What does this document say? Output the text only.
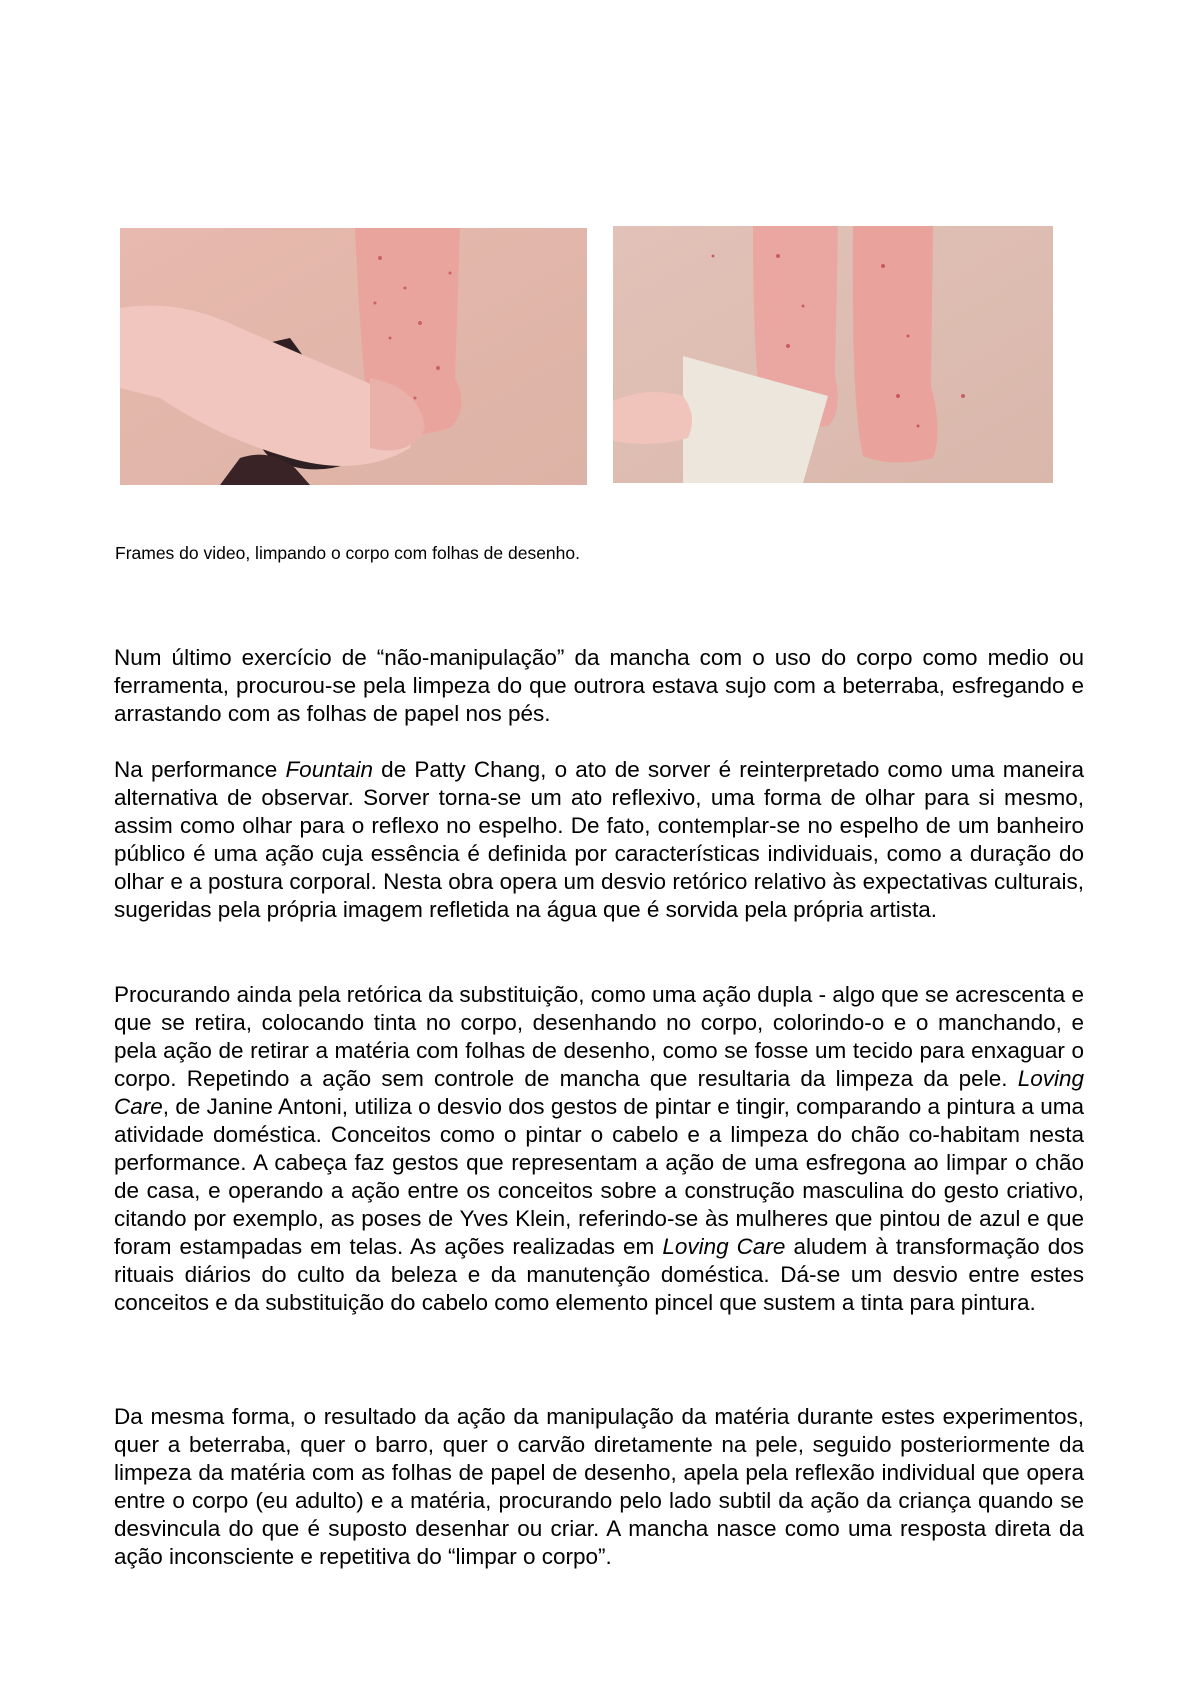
Frames do video, limpando o corpo com folhas de desenho.

Num último exercício de “não-manipulação” da mancha com o uso do corpo como medio ou ferramenta, procurou-se pela limpeza do que outrora estava sujo com a beterraba, esfregando e arrastando com as folhas de papel nos pés.

Na performance Fountain de Patty Chang, o ato de sorver é reinterpretado como uma maneira alternativa de observar. Sorver torna-se um ato reflexivo, uma forma de olhar para si mesmo, assim como olhar para o reflexo no espelho. De fato, contemplar-se no espelho de um banheiro público é uma ação cuja essência é definida por características individuais, como a duração do olhar e a postura corporal. Nesta obra opera um desvio retórico relativo às expectativas culturais, sugeridas pela própria imagem refletida na água que é sorvida pela própria artista.

Procurando ainda pela retórica da substituição, como uma ação dupla - algo que se acrescenta e que se retira, colocando tinta no corpo, desenhando no corpo, colorindo-o e o manchando, e pela ação de retirar a matéria com folhas de desenho, como se fosse um tecido para enxaguar o corpo. Repetindo a ação sem controle de mancha que resultaria da limpeza da pele. Loving Care, de Janine Antoni, utiliza o desvio dos gestos de pintar e tingir, comparando a pintura a uma atividade doméstica. Conceitos como o pintar o cabelo e a limpeza do chão co-habitam nesta performance. A cabeça faz gestos que representam a ação de uma esfregona ao limpar o chão de casa, e operando a ação entre os conceitos sobre a construção masculina do gesto criativo, citando por exemplo, as poses de Yves Klein, referindo-se às mulheres que pintou de azul e que foram estampadas em telas. As ações realizadas em Loving Care aludem à transformação dos rituais diários do culto da beleza e da manutenção doméstica. Dá-se um desvio entre estes conceitos e da substituição do cabelo como elemento pincel que sustem a tinta para pintura.

Da mesma forma, o resultado da ação da manipulação da matéria durante estes experimentos, quer a beterraba, quer o barro, quer o carvão diretamente na pele, seguido posteriormente da limpeza da matéria com as folhas de papel de desenho, apela pela reflexão individual que opera entre o corpo (eu adulto) e a matéria, procurando pelo lado subtil da ação da criança quando se desvincula do que é suposto desenhar ou criar. A mancha nasce como uma resposta direta da ação inconsciente e repetitiva do “limpar o corpo”.
